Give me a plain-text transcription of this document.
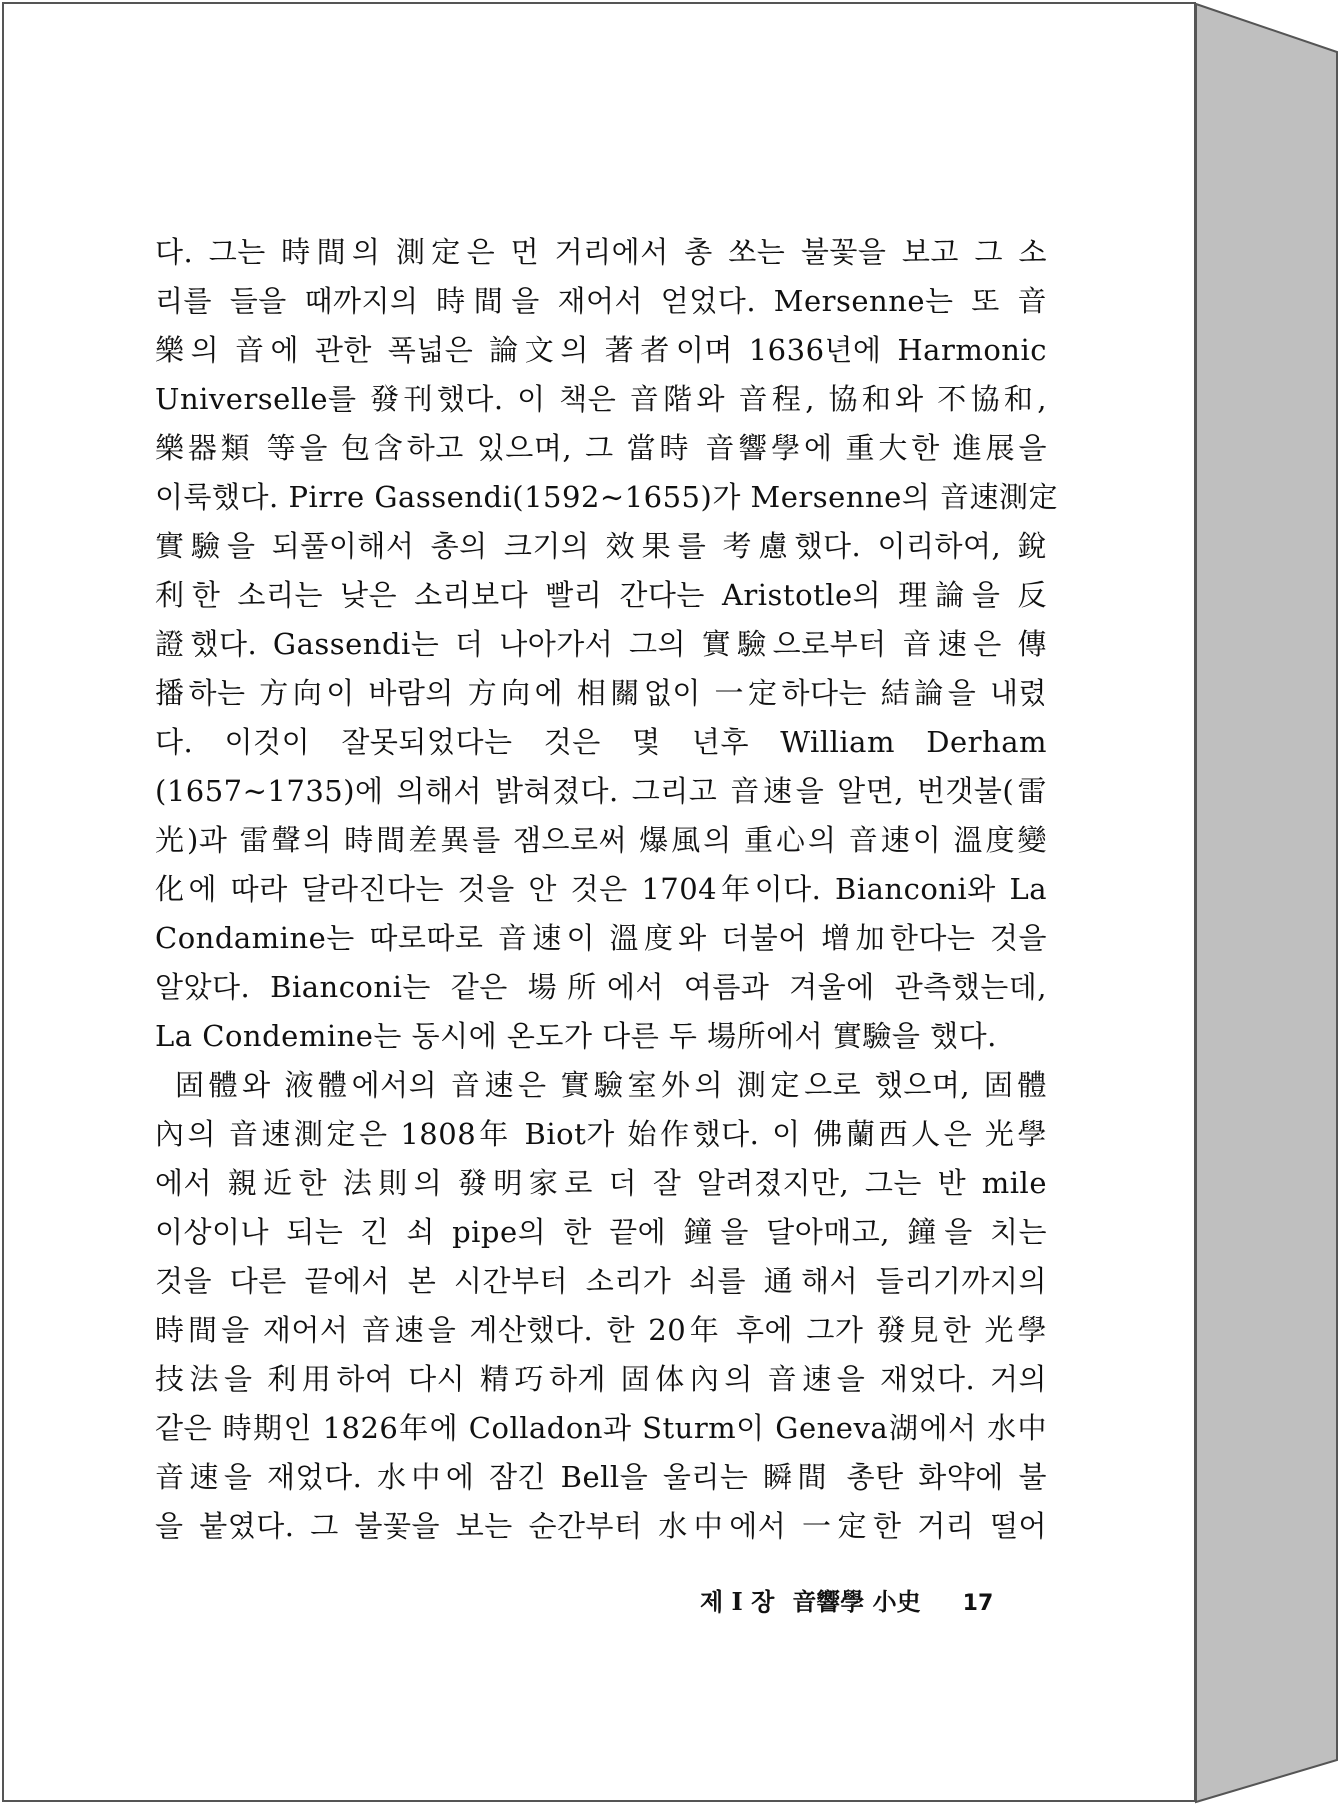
다. 그는 時間의 測定은 먼 거리에서 총 쏘는 불꽃을 보고 그 소
리를 들을 때까지의 時間을 재어서 얻었다. Mersenne는 또 音
樂의 音에 관한 폭넓은 論文의 著者이며 1636년에 Harmonic
Universelle를 發刊했다. 이 책은 音階와 音程, 協和와 不協和,
樂器類 等을 包含하고 있으며, 그 當時 音響學에 重大한 進展을
이룩했다. Pirre Gassendi(1592∼1655)가 Mersenne의 音速測定
實驗을 되풀이해서 총의 크기의 效果를 考慮했다. 이리하여, 銳
利한 소리는 낮은 소리보다 빨리 간다는 Aristotle의 理論을 反
證했다. Gassendi는 더 나아가서 그의 實驗으로부터 音速은 傳
播하는 方向이 바람의 方向에 相關없이 一定하다는 結論을 내렸
다. 이것이 잘못되었다는 것은 몇 년후 William Derham
(1657∼1735)에 의해서 밝혀졌다. 그리고 音速을 알면, 번갯불(雷
光)과 雷聲의 時間差異를 잼으로써 爆風의 重心의 音速이 溫度變
化에 따라 달라진다는 것을 안 것은 1704年이다. Bianconi와 La
Condamine는 따로따로 音速이 溫度와 더불어 增加한다는 것을
알았다. Bianconi는 같은 場所에서 여름과 겨울에 관측했는데,
La Condemine는 동시에 온도가 다른 두 場所에서 實驗을 했다.
固體와 液體에서의 音速은 實驗室外의 測定으로 했으며, 固體
內의 音速測定은 1808年 Biot가 始作했다. 이 佛蘭西人은 光學
에서 親近한 法則의 發明家로 더 잘 알려졌지만, 그는 반 mile
이상이나 되는 긴 쇠 pipe의 한 끝에 鐘을 달아매고, 鐘을 치는
것을 다른 끝에서 본 시간부터 소리가 쇠를 通해서 들리기까지의
時間을 재어서 音速을 계산했다. 한 20年 후에 그가 發見한 光學
技法을 利用하여 다시 精巧하게 固体內의 音速을 재었다. 거의
같은 時期인 1826年에 Colladon과 Sturm이 Geneva湖에서 水中
音速을 재었다. 水中에 잠긴 Bell을 울리는 瞬間 총탄 화약에 불
을 붙였다. 그 불꽃을 보는 순간부터 水中에서 一定한 거리 떨어
제 I 장 音響學 小史 17
